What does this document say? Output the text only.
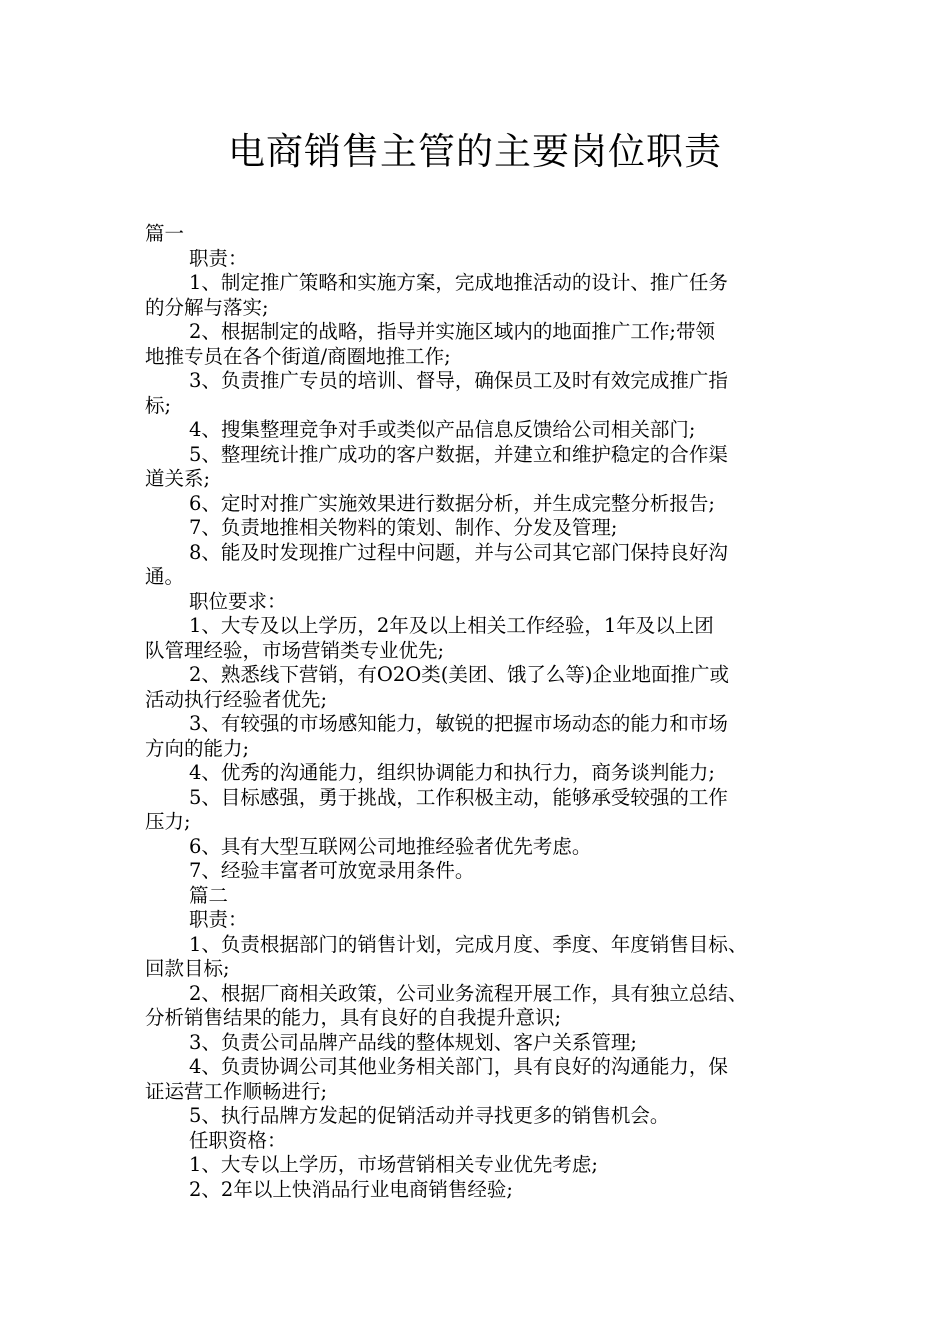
电商销售主管的主要岗位职责
篇一
职责：
1、制定推广策略和实施方案，完成地推活动的设计、推广任务
的分解与落实;
2、根据制定的战略，指导并实施区域内的地面推广工作;带领
地推专员在各个街道/商圈地推工作;
3、负责推广专员的培训、督导，确保员工及时有效完成推广指
标;
4、搜集整理竞争对手或类似产品信息反馈给公司相关部门;
5、整理统计推广成功的客户数据，并建立和维护稳定的合作渠
道关系;
6、定时对推广实施效果进行数据分析，并生成完整分析报告;
7、负责地推相关物料的策划、制作、分发及管理;
8、能及时发现推广过程中问题，并与公司其它部门保持良好沟
通。
职位要求：
1、大专及以上学历，2年及以上相关工作经验，1年及以上团
队管理经验，市场营销类专业优先;
2、熟悉线下营销，有O2O类(美团、饿了么等)企业地面推广或
活动执行经验者优先;
3、有较强的市场感知能力，敏锐的把握市场动态的能力和市场
方向的能力;
4、优秀的沟通能力，组织协调能力和执行力，商务谈判能力;
5、目标感强，勇于挑战，工作积极主动，能够承受较强的工作
压力;
6、具有大型互联网公司地推经验者优先考虑。
7、经验丰富者可放宽录用条件。
篇二
职责：
1、负责根据部门的销售计划，完成月度、季度、年度销售目标、
回款目标;
2、根据厂商相关政策，公司业务流程开展工作，具有独立总结、
分析销售结果的能力，具有良好的自我提升意识;
3、负责公司品牌产品线的整体规划、客户关系管理;
4、负责协调公司其他业务相关部门，具有良好的沟通能力，保
证运营工作顺畅进行;
5、执行品牌方发起的促销活动并寻找更多的销售机会。
任职资格：
1、大专以上学历，市场营销相关专业优先考虑;
2、2年以上快消品行业电商销售经验;
